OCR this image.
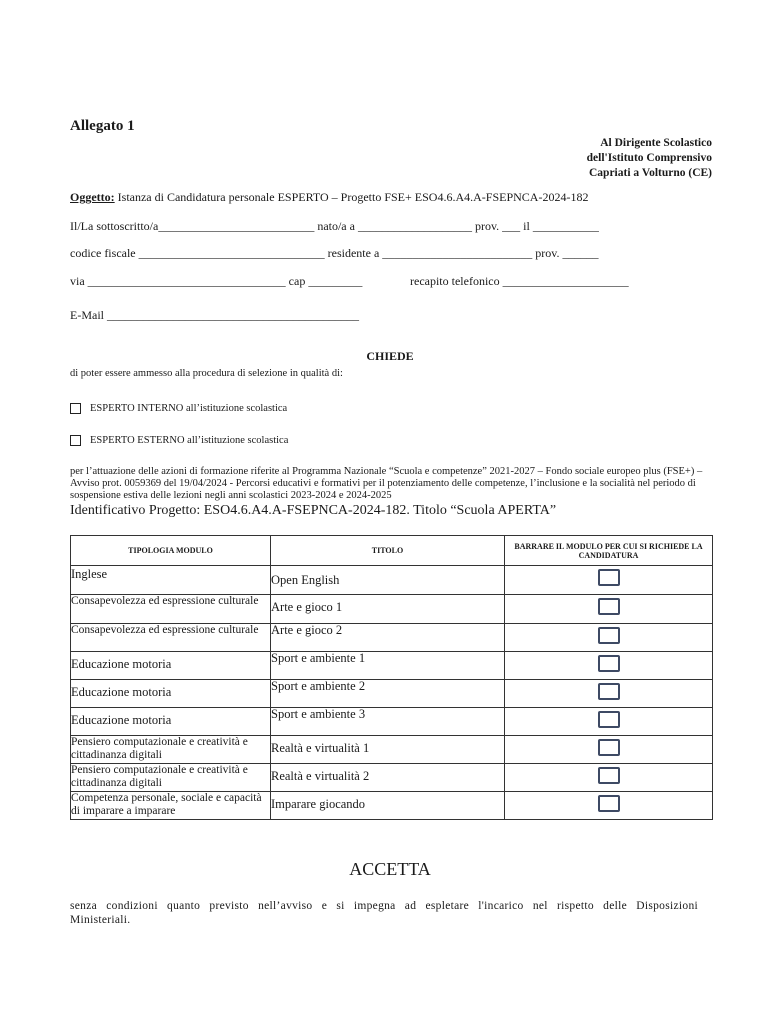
Allegato 1
Al Dirigente Scolastico
dell'Istituto Comprensivo
Capriati a Volturno (CE)
Oggetto: Istanza di Candidatura personale ESPERTO – Progetto FSE+ ESO4.6.A4.A-FSEPNCA-2024-182
Il/La sottoscritto/a__________________________ nato/a a ___________________ prov. ___ il ___________
codice fiscale _______________________________ residente a _________________________ prov. ______
via _________________________________ cap _________	recapito telefonico _____________________
E-Mail __________________________________________
CHIEDE
di poter essere ammesso alla procedura di selezione in qualità di:
ESPERTO INTERNO all’istituzione scolastica
ESPERTO ESTERNO all’istituzione scolastica
per l’attuazione delle azioni di formazione riferite al Programma Nazionale “Scuola e competenze” 2021-2027 – Fondo sociale europeo plus (FSE+) – Avviso prot. 0059369 del 19/04/2024 - Percorsi educativi e formativi per il potenziamento delle competenze, l’inclusione e la socialità nel periodo di sospensione estiva delle lezioni negli anni scolastici 2023-2024 e 2024-2025
Identificativo Progetto: ESO4.6.A4.A-FSEPNCA-2024-182. Titolo “Scuola APERTA”
TIPOLOGIA MODULO	TITOLO	BARRARE IL MODULO PER CUI SI RICHIEDE LA CANDIDATURA

Inglese	Open English	

Consapevolezza ed espressione culturale	Arte e gioco 1	

Consapevolezza ed espressione culturale	Arte e gioco 2	

Educazione motoria	Sport e ambiente 1	

Educazione motoria	Sport e ambiente 2	

Educazione motoria	Sport e ambiente 3	

Pensiero computazionale e creatività e cittadinanza digitali	Realtà e virtualità 1	

Pensiero computazionale e creatività e cittadinanza digitali	Realtà e virtualità 2	

Competenza personale, sociale e capacità di imparare a imparare	Imparare giocando	

ACCETTA
senza condizioni quanto previsto nell’avviso e si impegna ad espletare l'incarico nel rispetto delle Disposizioni Ministeriali.
